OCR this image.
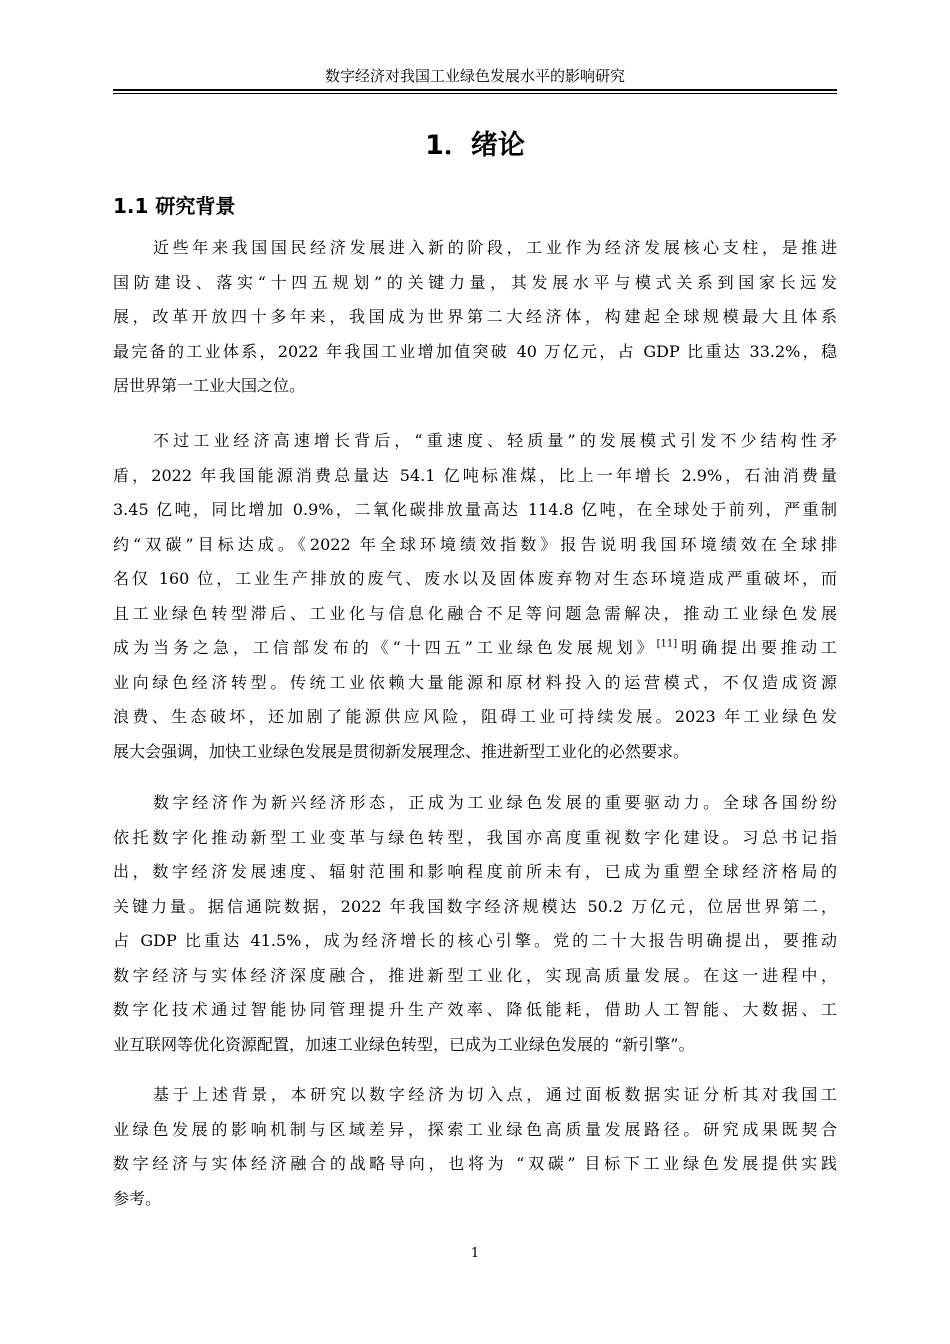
数字经济对我国工业绿色发展水平的影响研究
1．绪论
1.1 研究背景
近些年来我国国民经济发展进入新的阶段，工业作为经济发展核心支柱，是推进
国防建设、落实“十四五规划”的关键力量，其发展水平与模式关系到国家长远发
展，改革开放四十多年来，我国成为世界第二大经济体，构建起全球规模最大且体系
最完备的工业体系，2022 年我国工业增加值突破 40 万亿元，占 GDP 比重达 33.2%，稳
居世界第一工业大国之位。
不过工业经济高速增长背后，“重速度、轻质量”的发展模式引发不少结构性矛
盾，2022 年我国能源消费总量达 54.1 亿吨标准煤，比上一年增长 2.9%，石油消费量
3.45 亿吨，同比增加 0.9%，二氧化碳排放量高达 114.8 亿吨，在全球处于前列，严重制
约“双碳”目标达成。《2022 年全球环境绩效指数》报告说明我国环境绩效在全球排
名仅 160 位，工业生产排放的废气、废水以及固体废弃物对生态环境造成严重破坏，而
且工业绿色转型滞后、工业化与信息化融合不足等问题急需解决，推动工业绿色发展
成为当务之急，工信部发布的《“十四五”工业绿色发展规划》[11]明确提出要推动工
业向绿色经济转型。传统工业依赖大量能源和原材料投入的运营模式，不仅造成资源
浪费、生态破坏，还加剧了能源供应风险，阻碍工业可持续发展。2023 年工业绿色发
展大会强调，加快工业绿色发展是贯彻新发展理念、推进新型工业化的必然要求。
数字经济作为新兴经济形态，正成为工业绿色发展的重要驱动力。全球各国纷纷
依托数字化推动新型工业变革与绿色转型，我国亦高度重视数字化建设。习总书记指
出，数字经济发展速度、辐射范围和影响程度前所未有，已成为重塑全球经济格局的
关键力量。据信通院数据，2022 年我国数字经济规模达 50.2 万亿元，位居世界第二，
占 GDP 比重达 41.5%，成为经济增长的核心引擎。党的二十大报告明确提出，要推动
数字经济与实体经济深度融合，推进新型工业化，实现高质量发展。在这一进程中，
数字化技术通过智能协同管理提升生产效率、降低能耗，借助人工智能、大数据、工
业互联网等优化资源配置，加速工业绿色转型，已成为工业绿色发展的 “新引擎”。
基于上述背景，本研究以数字经济为切入点，通过面板数据实证分析其对我国工
业绿色发展的影响机制与区域差异，探索工业绿色高质量发展路径。研究成果既契合
数字经济与实体经济融合的战略导向，也将为 “双碳” 目标下工业绿色发展提供实践
参考。
1
